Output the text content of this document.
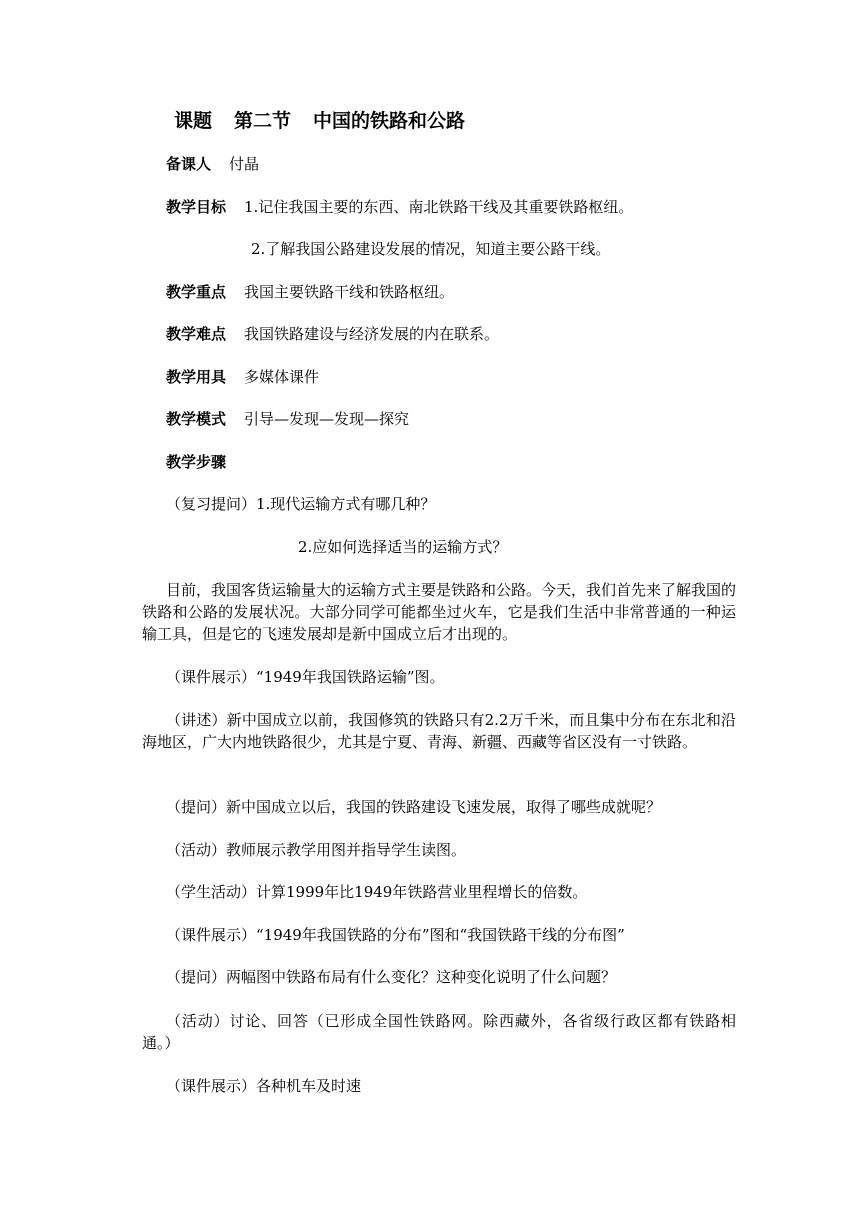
课题 第二节 中国的铁路和公路
备课人 付晶
教学目标 1.记住我国主要的东西、南北铁路干线及其重要铁路枢纽。
2.了解我国公路建设发展的情况，知道主要公路干线。
教学重点 我国主要铁路干线和铁路枢纽。
教学难点 我国铁路建设与经济发展的内在联系。
教学用具 多媒体课件
教学模式 引导—发现—发现—探究
教学步骤
（复习提问）1.现代运输方式有哪几种？
2.应如何选择适当的运输方式？
目前，我国客货运输量大的运输方式主要是铁路和公路。今天，我们首先来了解我国的铁路和公路的发展状况。大部分同学可能都坐过火车，它是我们生活中非常普通的一种运输工具，但是它的飞速发展却是新中国成立后才出现的。
（课件展示）“1949年我国铁路运输”图。
（讲述）新中国成立以前，我国修筑的铁路只有2.2万千米，而且集中分布在东北和沿海地区，广大内地铁路很少，尤其是宁夏、青海、新疆、西藏等省区没有一寸铁路。
（提问）新中国成立以后，我国的铁路建设飞速发展，取得了哪些成就呢？
（活动）教师展示教学用图并指导学生读图。
（学生活动）计算1999年比1949年铁路营业里程增长的倍数。
（课件展示）“1949年我国铁路的分布”图和“我国铁路干线的分布图”
（提问）两幅图中铁路布局有什么变化？这种变化说明了什么问题？
（活动）讨论、回答（已形成全国性铁路网。除西藏外，各省级行政区都有铁路相通。）
（课件展示）各种机车及时速
